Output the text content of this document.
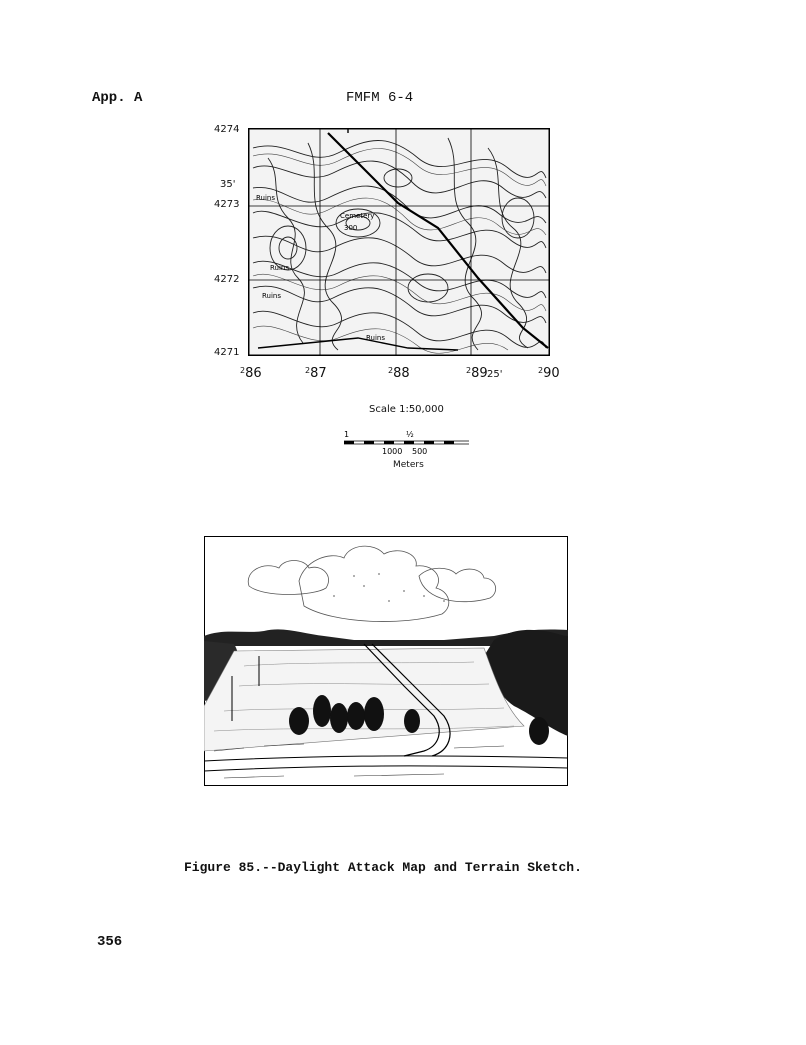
App. A	FMFM 6-4
4274
35'
4273
4272
4271
Ruins
Ruins
Ruins
Ruins
Cemetery
300
$^2$86	$^2$87	$^2$88	$^2$89 25'	$^2$90
Scale 1:50,000
1	½
1000 500
Meters
Figure 85.--Daylight Attack Map and Terrain Sketch.
356
